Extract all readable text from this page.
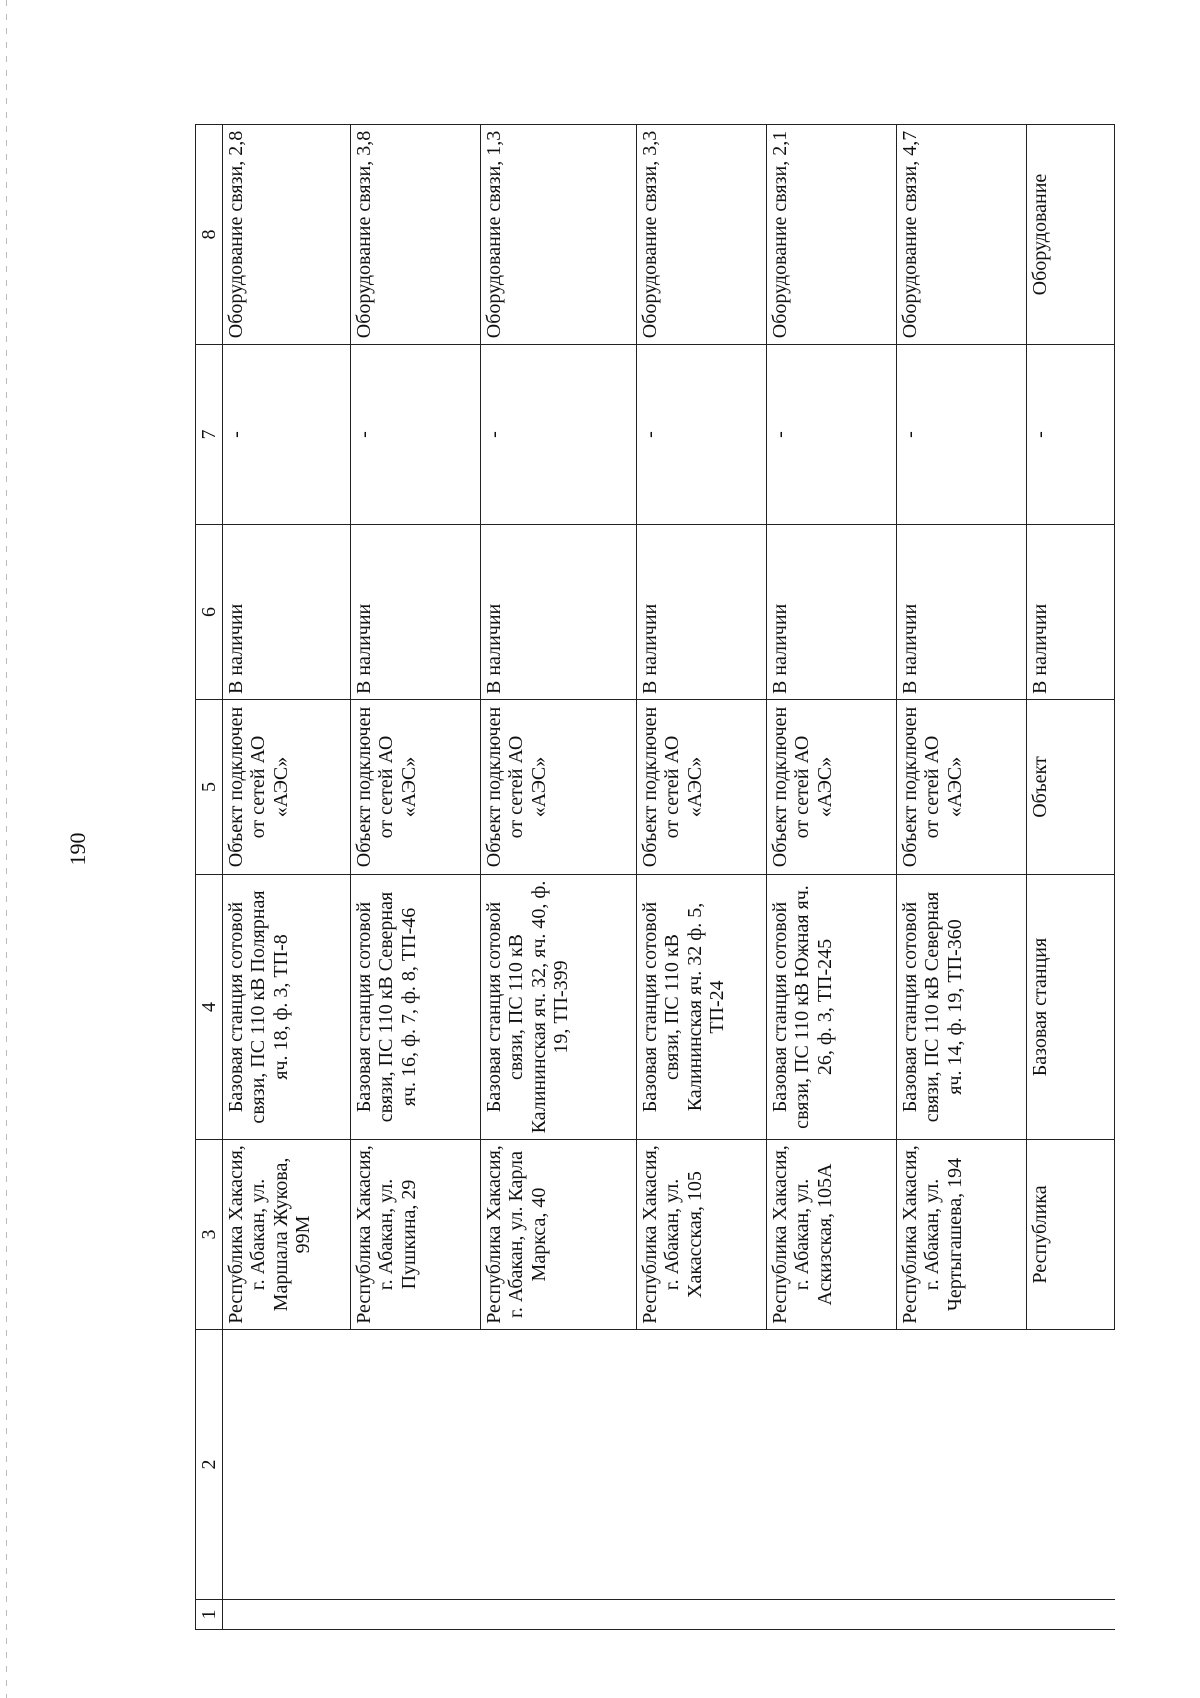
190
1	2	3	4	5	6	7	8
		Республика Хакасия, г. Абакан, ул. Маршала Жукова, 99М	Базовая станция сотовой связи, ПС 110 кВ Полярная яч. 18, ф. 3, ТП-8	Объект подключен от сетей АО «АЭС»	В наличии	-	Оборудование связи, 2,8
		Республика Хакасия, г. Абакан, ул. Пушкина, 29	Базовая станция сотовой связи, ПС 110 кВ Северная яч. 16, ф. 7, ф. 8, ТП-46	Объект подключен от сетей АО «АЭС»	В наличии	-	Оборудование связи, 3,8
		Республика Хакасия, г. Абакан, ул. Карла Маркса, 40	Базовая станция сотовой связи, ПС 110 кВ Калининская яч. 32, яч. 40, ф. 19, ТП-399	Объект подключен от сетей АО «АЭС»	В наличии	-	Оборудование связи, 1,3
		Республика Хакасия, г. Абакан, ул. Хакасская, 105	Базовая станция сотовой связи, ПС 110 кВ Калининская яч. 32 ф. 5, ТП-24	Объект подключен от сетей АО «АЭС»	В наличии	-	Оборудование связи, 3,3
		Республика Хакасия, г. Абакан, ул. Аскизская, 105А	Базовая станция сотовой связи, ПС 110 кВ Южная яч. 26, ф. 3, ТП-245	Объект подключен от сетей АО «АЭС»	В наличии	-	Оборудование связи, 2,1
		Республика Хакасия, г. Абакан, ул. Чертыгашева, 194	Базовая станция сотовой связи, ПС 110 кВ Северная яч. 14, ф. 19, ТП-360	Объект подключен от сетей АО «АЭС»	В наличии	-	Оборудование связи, 4,7
		Республика	Базовая станция	Объект	В наличии	-	Оборудование
